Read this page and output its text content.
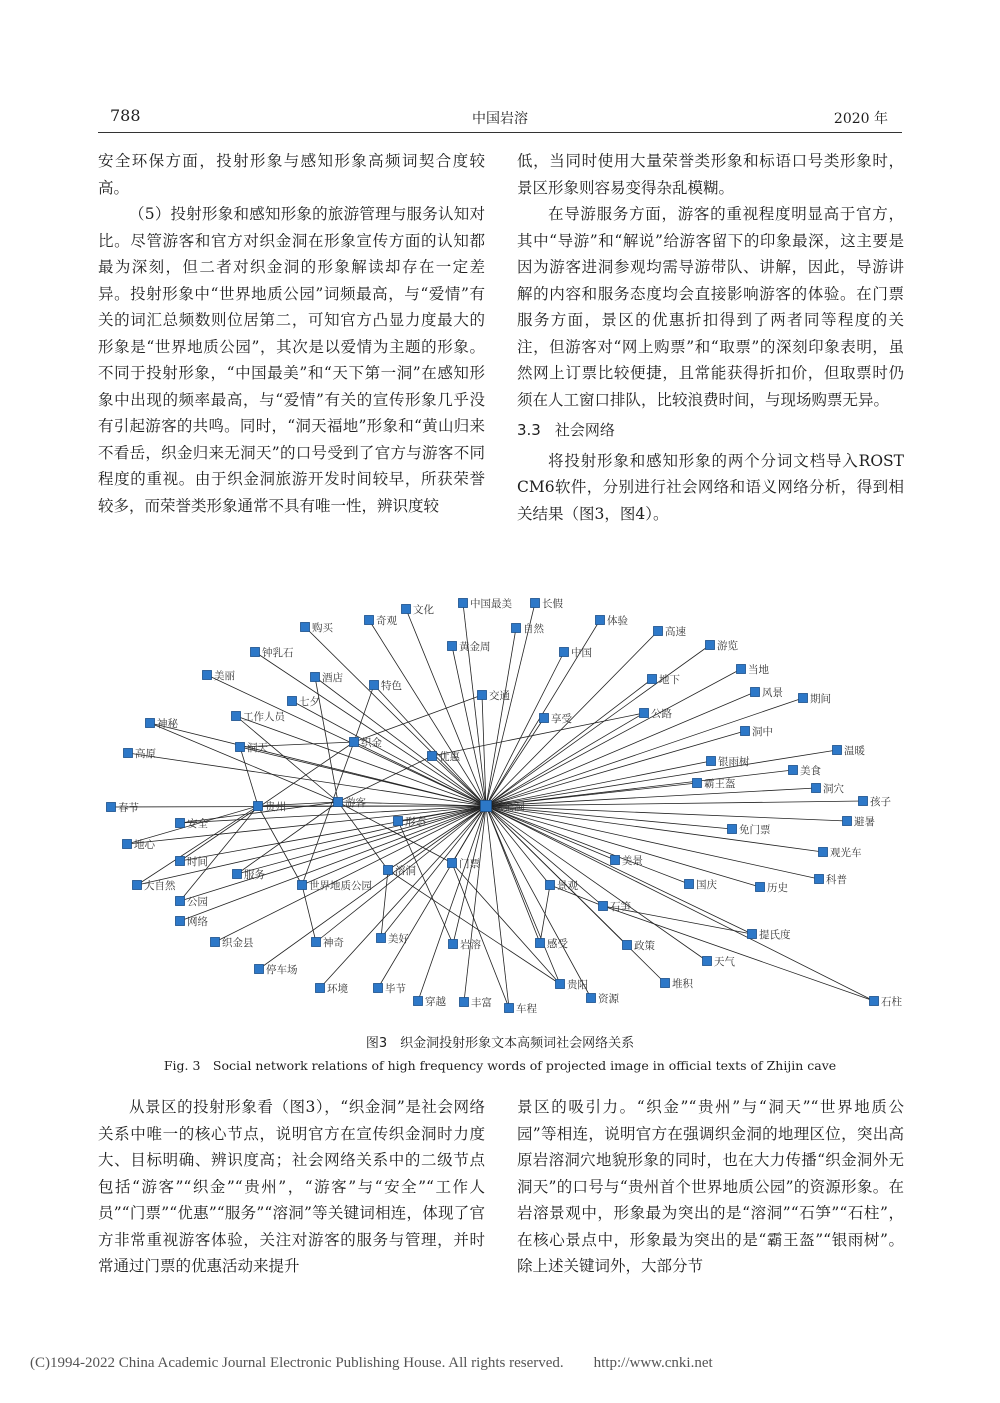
788	中国岩溶	2020 年

安全环保方面，投射形象与感知形象高频词契合度较高。

（5）投射形象和感知形象的旅游管理与服务认知对比。尽管游客和官方对织金洞在形象宣传方面的认知都最为深刻，但二者对织金洞的形象解读却存在一定差异。投射形象中“世界地质公园”词频最高，与“爱情”有关的词汇总频数则位居第二，可知官方凸显力度最大的形象是“世界地质公园”，其次是以爱情为主题的形象。不同于投射形象，“中国最美”和“天下第一洞”在感知形象中出现的频率最高，与“爱情”有关的宣传形象几乎没有引起游客的共鸣。同时，“洞天福地”形象和“黄山归来不看岳，织金归来无洞天”的口号受到了官方与游客不同程度的重视。由于织金洞旅游开发时间较早，所获荣誉较多，而荣誉类形象通常不具有唯一性，辨识度较

低，当同时使用大量荣誉类形象和标语口号类形象时，景区形象则容易变得杂乱模糊。

在导游服务方面，游客的重视程度明显高于官方，其中“导游”和“解说”给游客留下的印象最深，这主要是因为游客进洞参观均需导游带队、讲解，因此，导游讲解的内容和服务态度均会直接影响游客的体验。在门票服务方面，景区的优惠折扣得到了两者同等程度的关注，但游客对“网上购票”和“取票”的深刻印象表明，虽然网上订票比较便捷，且常能获得折扣价，但取票时仍须在人工窗口排队，比较浪费时间，与现场购票无异。

3.3 社会网络

将投射形象和感知形象的两个分词文档导入ROST CM6软件，分别进行社会网络和语义网络分析，得到相关结果（图3，图4）。

织金洞
织金
游客
贵州
洞天
溶洞
优惠
门票
形态
景观
世界地质公园
服务
购买
奇观
文化	中国最美	长假
自然
黄金周
体验
高速
游览
当地
风景	期间
洞中
温暖
银雨树
美食
霸王盔	洞穴
孩子
避暑
免门票
观光车
美景
国庆	历史
科普
石笋
提氏度
政策
天气
堆积
石柱
资源
贵阳
感受
车程
丰富
穿越
岩溶
毕节
美好
环境
神奇
停车场
织金县
网络
公园
大自然
时间
地心
安全
春节
高原
神秘
工作人员
七夕
美丽
钟乳石
酒店
特色
交通
中国
地下
公路
享受
图3　织金洞投射形象文本高频词社会网络关系
Fig. 3　Social network relations of high frequency words of projected image in official texts of Zhijin cave

从景区的投射形象看（图3），“织金洞”是社会网络关系中唯一的核心节点，说明官方在宣传织金洞时力度大、目标明确、辨识度高；社会网络关系中的二级节点包括“游客”“织金”“贵州”，“游客”与“安全”“工作人员”“门票”“优惠”“服务”“溶洞”等关键词相连，体现了官方非常重视游客体验，关注对游客的服务与管理，并时常通过门票的优惠活动来提升

景区的吸引力。“织金”“贵州”与“洞天”“世界地质公园”等相连，说明官方在强调织金洞的地理区位，突出高原岩溶洞穴地貌形象的同时，也在大力传播“织金洞外无洞天”的口号与“贵州首个世界地质公园”的资源形象。在岩溶景观中，形象最为突出的是“溶洞”“石笋”“石柱”，在核心景点中，形象最为突出的是“霸王盔”“银雨树”。除上述关键词外，大部分节

(C)1994-2022 China Academic Journal Electronic Publishing House. All rights reserved. http://www.cnki.net
